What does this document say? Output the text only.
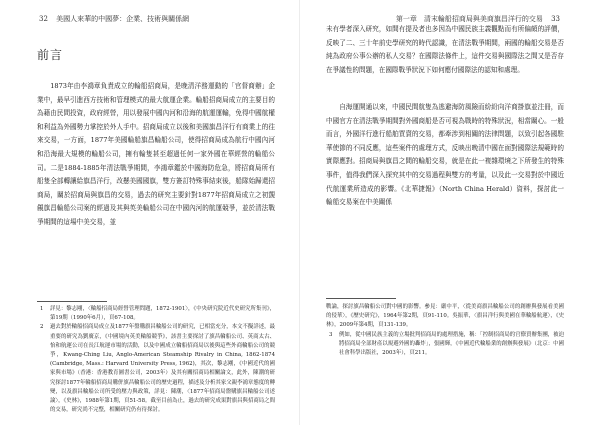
32 美國人來華的中國夢：企業、技術與關係網
前言

1873年由李鴻章負責成立的輪船招商局，是晚清洋務運動的「官督商辦」企業中，最早引進西方技術和管理模式的最大航運企業。輪船招商局成立的主要目的為藉由民間投資，政府經營，用以發展中國內河和沿海的航運運輸，免得中國航權和利益為外國勢力掌控於外人手中。招商局成立以後和美國旗昌洋行有商業上的往來交易，一方面，1877年美國輪船旗昌輪船公司，使得招商局成為航行中國內河和沿海最大規模的輪船公司，擁有輪隻甚至超過任何一家外國在華經營的輪船公司。二是1884-1885年清法戰爭期間，李鴻章鑑於中國海防危急，將招商局所有船隻全部轉讓給旗昌洋行，改懸美國國旗，雙方簽訂特殊事結束後，船隊始歸還招商局，關於招商局與旗昌的交易，過去的研究主要針對1877年招商局成立之初覬覦旗昌輪船公司案的經過及其與英美輪船公司在中國內河的航運競爭，並於清法戰爭期間的這場中美交易，並

1 詳見：黎志剛，〈輪船招商局經營管理問題，1872-1901〉，《中央研究院近代史研究所集刊》，第19期（1990年6月），頁67-108。
2 過去對於輪船招商局成立及1877年盤購旗昌輪船公司的研究，已相當充分，本文不擬詳述，最重要的研究為劉廣京，《中國境內英美輪船競爭》，該書主要探討了旗昌輪船公司、英商太古、怡和航運公司在長江航運市場的活動，以及中國成立輪船招商局以後與這些外商輪船公司的競爭，Kwang-Ching Liu, Anglo-American Steamship Rivalry in China, 1862-1874 (Cambridge, Mass.: Harvard University Press, 1962)，其次，黎志剛，《中國近代的國家與市場》（香港：香港教育圖書公司，2003年）及其有關招商局相關論文，此外，陳潮的研究探討1877年輪船招商局購併旗昌輪船公司的歷史過程，描述及分析其家父親李鴻章態度的轉變，以及旗昌輪船公司所受的壓力與政策，詳見：陳潮，〈1877年招商局盤購旗昌輪船公司述論〉，《史林》，1988年第1期，頁51-58。截至目前為止，過去的研究成果對旗昌與招商局之間的交易，研究尚不完整，相關研究仍有待探討。
第一章　清末輪船招商局與美商旗昌洋行的交易 33

未有學者深入研究，如間有提及者也多因為中國民族主義觀點而有所偏頗的評價，反映了二、三十年前史學研究的時代認識，在清法戰爭期間，兩國的輪船交易是否純為政府公事公辦的私人交易？在國際法條件上，這件交易與國際法之間又是否存在爭議性的問題，在國際戰爭狀況下如何應付國際法的認知和處理。

自海運開通以來，中國民間航隻為逃避海防風險而紛紛向洋商掛旗並注冊，而中國官方在清法戰爭期間對外國商船是否可視為戰時的特殊狀況，相當關心。一般而言，外國洋行進行船舶買賣的交易，都牽涉到相關的法律問題，以致引起各國駐華使節的不同反應，這些案件的處理方式，反映出晚清中國在面對國際法規範時的實際應對。招商局與旗昌之間的輪船交易，就是在此一複雜環境之下所發生的特殊事件，值得我們深入探究其中的交易過程與雙方的考量，以及此一交易對於中國近代航運業所造成的影響。《北華捷報》（North China Herald）資料，探討此一輪船交易案在中美關係

戰論，探討旗昌輪船公司對中國的影響。參見：嚴中平，〈從美商旗昌輪船公司的創辦與發展看美國的侵華〉，《歷史研究》，1964年第2期，頁91-110。吳振華，〈旗昌洋行與美國在華輪船航運〉，《史林》，2009年第4期，頁131-139。
3 例如，從中國民族主義的立場批判招商局的處理措施，稱：「控制招商局的官僚買辦集團，被迫將招商局全部財產以規避外國的轟炸」，張國輝，《中國近代輪船業的創辦與發展》（北京：中國社會科學出版社，2003年），頁211。
